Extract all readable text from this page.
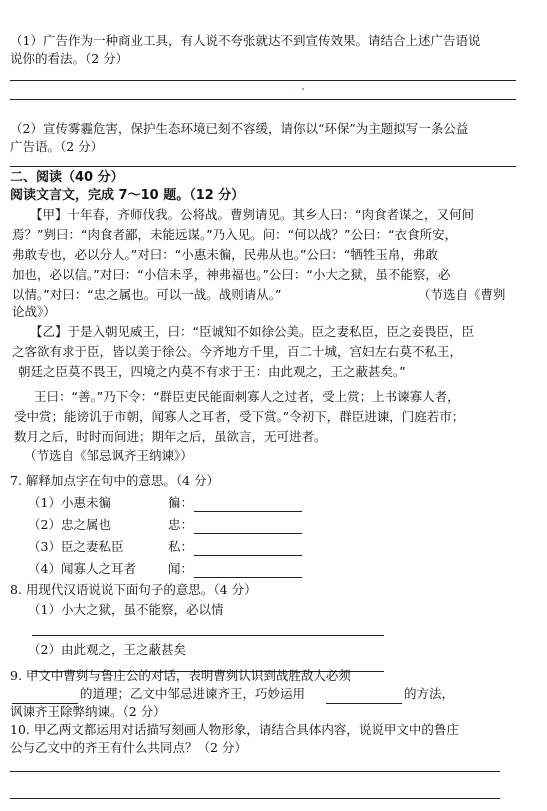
（1）广告作为一种商业工具，有人说不夸张就达不到宣传效果。请结合上述广告语说
说你的看法。（2 分）
（2）宣传雾霾危害，保护生态环境已刻不容缓，请你以“环保”为主题拟写一条公益
广告语。（2 分）
二、阅读（40 分）
阅读文言文，完成 7～10 题。（12 分）
【甲】十年春，齐师伐我。公将战。曹刿请见。其乡人曰：“肉食者谋之，又何间
焉？”刿曰：“肉食者鄙，未能远谋。”乃入见。问：“何以战？”公曰：“衣食所安，
弗敢专也，必以分人。”对曰：“小惠未徧，民弗从也。”公曰：“牺牲玉帛，弗敢
加也，必以信。”对曰：“小信未孚，神弗福也。”公曰：“小大之狱，虽不能察，必
以情。”对曰：“忠之属也。可以一战。战则请从。”	（节选自《曹刿
论战》）
【乙】于是入朝见威王，曰：“臣诚知不如徐公美。臣之妻私臣，臣之妾畏臣，臣
之客欲有求于臣，皆以美于徐公。今齐地方千里，百二十城，宫妇左右莫不私王，
朝廷之臣莫不畏王，四境之内莫不有求于王：由此观之，王之蔽甚矣。”
王曰：“善。”乃下令：“群臣吏民能面刺寡人之过者，受上赏；上书谏寡人者，
受中赏；能谤讥于市朝，闻寡人之耳者，受下赏。”令初下，群臣进谏，门庭若市；
数月之后，时时而间进；期年之后，虽欲言，无可进者。
（节选自《邹忌讽齐王纳谏》）
7. 解释加点字在句中的意思。（4 分）
（1）小惠未徧	徧：
（2）忠之属也	忠：
（3）臣之妻私臣	私：
（4）闻寡人之耳者	闻：
8. 用现代汉语说说下面句子的意思。（4 分）
（1）小大之狱，虽不能察，必以情
（2）由此观之，王之蔽甚矣
9. 甲文中曹刿与鲁庄公的对话，表明曹刿认识到战胜敌人必须
的道理；乙文中邹忌进谏齐王，巧妙运用	的方法，
讽谏齐王除弊纳谏。（2 分）
10. 甲乙两文都运用对话描写刻画人物形象，请结合具体内容，说说甲文中的鲁庄
公与乙文中的齐王有什么共同点？（2 分）
